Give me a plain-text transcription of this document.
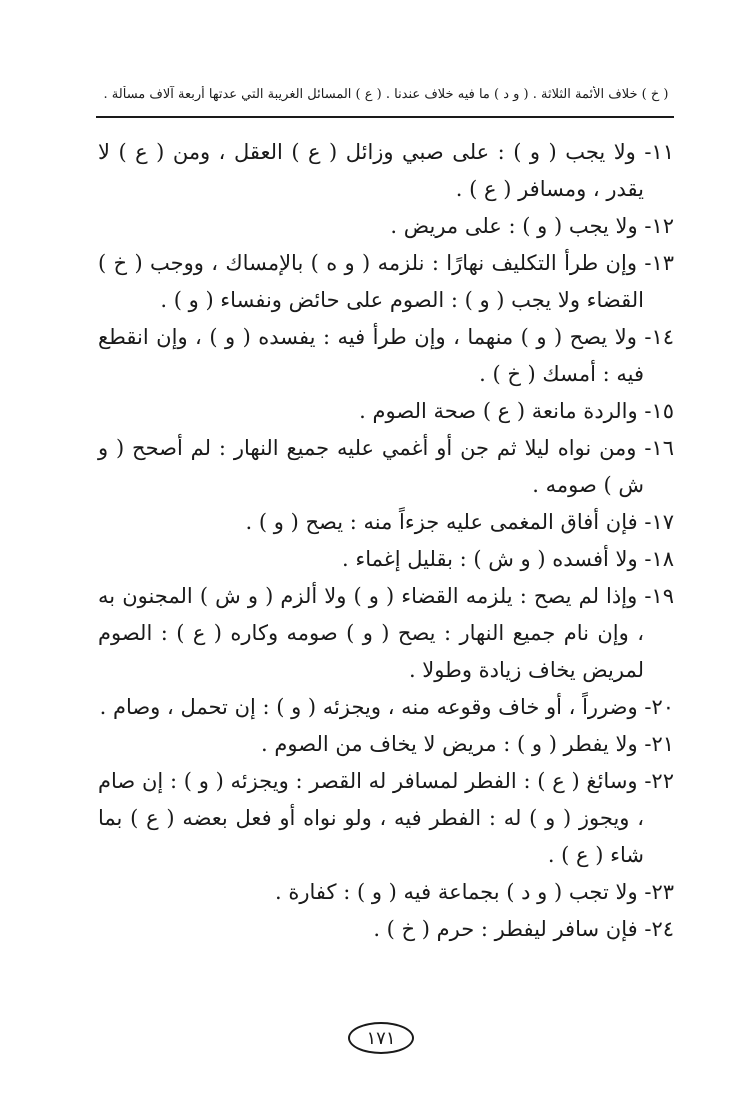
( خ ) خلاف الأئمة الثلاثة . ( و د ) ما فيه خلاف عندنا . ( ع ) المسائل الغريبة التي عدتها أربعة آلاف مسألة .

١١- ولا يجب ( و ) : على صبي وزائل ( ع ) العقل ، ومن ( ع ) لا يقدر ، ومسافر ( ع ) .

١٢- ولا يجب ( و ) : على مريض .

١٣- وإن طرأ التكليف نهارًا : نلزمه ( و ه ) بالإمساك ، ووجب ( خ ) القضاء ولا يجب ( و ) : الصوم على حائض ونفساء ( و ) .

١٤- ولا يصح ( و ) منهما ، وإن طرأ فيه : يفسده ( و ) ، وإن انقطع فيه : أمسك ( خ ) .

١٥- والردة مانعة ( ع ) صحة الصوم .

١٦- ومن نواه ليلا ثم جن أو أغمي عليه جميع النهار : لم أصحح ( و ش ) صومه .

١٧- فإن أفاق المغمى عليه جزءاً منه : يصح ( و ) .

١٨- ولا أفسده ( و ش ) : بقليل إغماء .

١٩- وإذا لم يصح : يلزمه القضاء ( و ) ولا ألزم ( و ش ) المجنون به ، وإن نام جميع النهار : يصح ( و ) صومه وكاره ( ع ) : الصوم لمريض يخاف زيادة وطولا .

٢٠- وضرراً ، أو خاف وقوعه منه ، ويجزئه ( و ) : إن تحمل ، وصام .

٢١- ولا يفطر ( و ) : مريض لا يخاف من الصوم .

٢٢- وسائغ ( ع ) : الفطر لمسافر له القصر : ويجزئه ( و ) : إن صام ، ويجوز ( و ) له : الفطر فيه ، ولو نواه أو فعل بعضه ( ع ) بما شاء ( ع ) .

٢٣- ولا تجب ( و د ) بجماعة فيه ( و ) : كفارة .

٢٤- فإن سافر ليفطر : حرم ( خ ) .

١٧١
